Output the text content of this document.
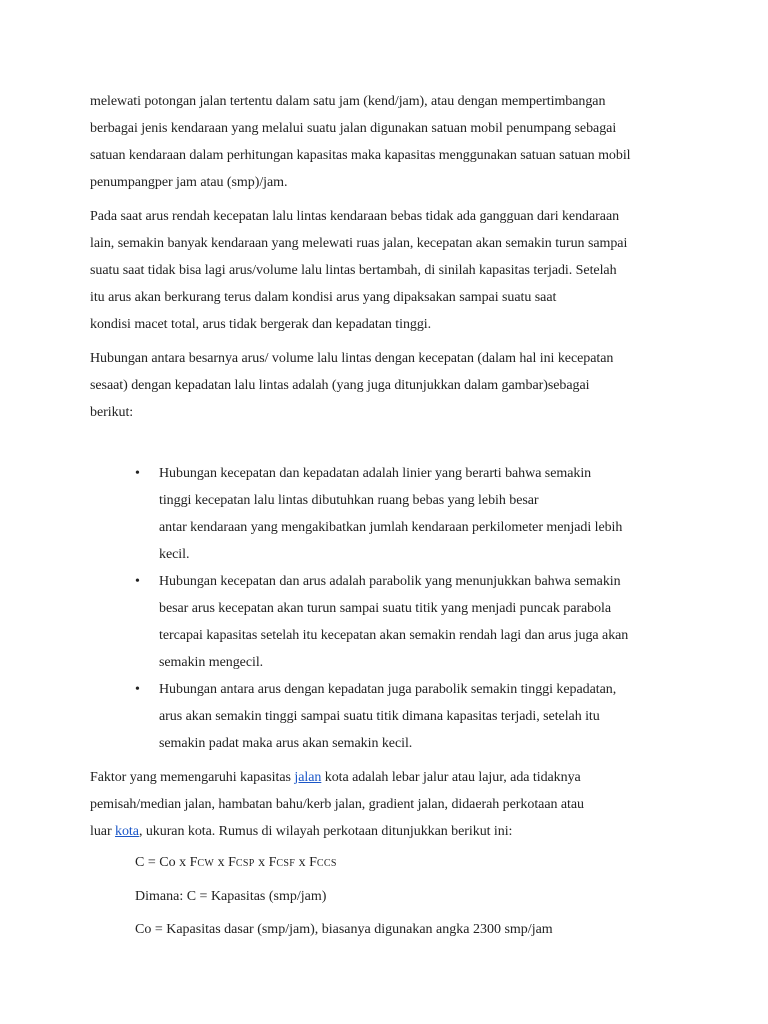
melewati potongan jalan tertentu dalam satu jam (kend/jam), atau dengan mempertimbangan
berbagai jenis kendaraan yang melalui suatu jalan digunakan satuan mobil penumpang sebagai
satuan kendaraan dalam perhitungan kapasitas maka kapasitas menggunakan satuan satuan mobil
penumpangper jam atau (smp)/jam.
Pada saat arus rendah kecepatan lalu lintas kendaraan bebas tidak ada gangguan dari kendaraan
lain, semakin banyak kendaraan yang melewati ruas jalan, kecepatan akan semakin turun sampai
suatu saat tidak bisa lagi arus/volume lalu lintas bertambah, di sinilah kapasitas terjadi. Setelah
itu arus akan berkurang terus dalam kondisi arus yang dipaksakan sampai suatu saat
kondisi macet total, arus tidak bergerak dan kepadatan tinggi.
Hubungan antara besarnya arus/ volume lalu lintas dengan kecepatan (dalam hal ini kecepatan
sesaat) dengan kepadatan lalu lintas adalah (yang juga ditunjukkan dalam gambar)sebagai
berikut:
• Hubungan kecepatan dan kepadatan adalah linier yang berarti bahwa semakin
tinggi kecepatan lalu lintas dibutuhkan ruang bebas yang lebih besar
antar kendaraan yang mengakibatkan jumlah kendaraan perkilometer menjadi lebih
kecil.
• Hubungan kecepatan dan arus adalah parabolik yang menunjukkan bahwa semakin
besar arus kecepatan akan turun sampai suatu titik yang menjadi puncak parabola
tercapai kapasitas setelah itu kecepatan akan semakin rendah lagi dan arus juga akan
semakin mengecil.
• Hubungan antara arus dengan kepadatan juga parabolik semakin tinggi kepadatan,
arus akan semakin tinggi sampai suatu titik dimana kapasitas terjadi, setelah itu
semakin padat maka arus akan semakin kecil.
Faktor yang memengaruhi kapasitas jalan kota adalah lebar jalur atau lajur, ada tidaknya
pemisah/median jalan, hambatan bahu/kerb jalan, gradient jalan, didaerah perkotaan atau
luar kota, ukuran kota. Rumus di wilayah perkotaan ditunjukkan berikut ini:
C = Co x FCW x FCSP x FCSF x FCCS
Dimana: C = Kapasitas (smp/jam)
Co = Kapasitas dasar (smp/jam), biasanya digunakan angka 2300 smp/jam
